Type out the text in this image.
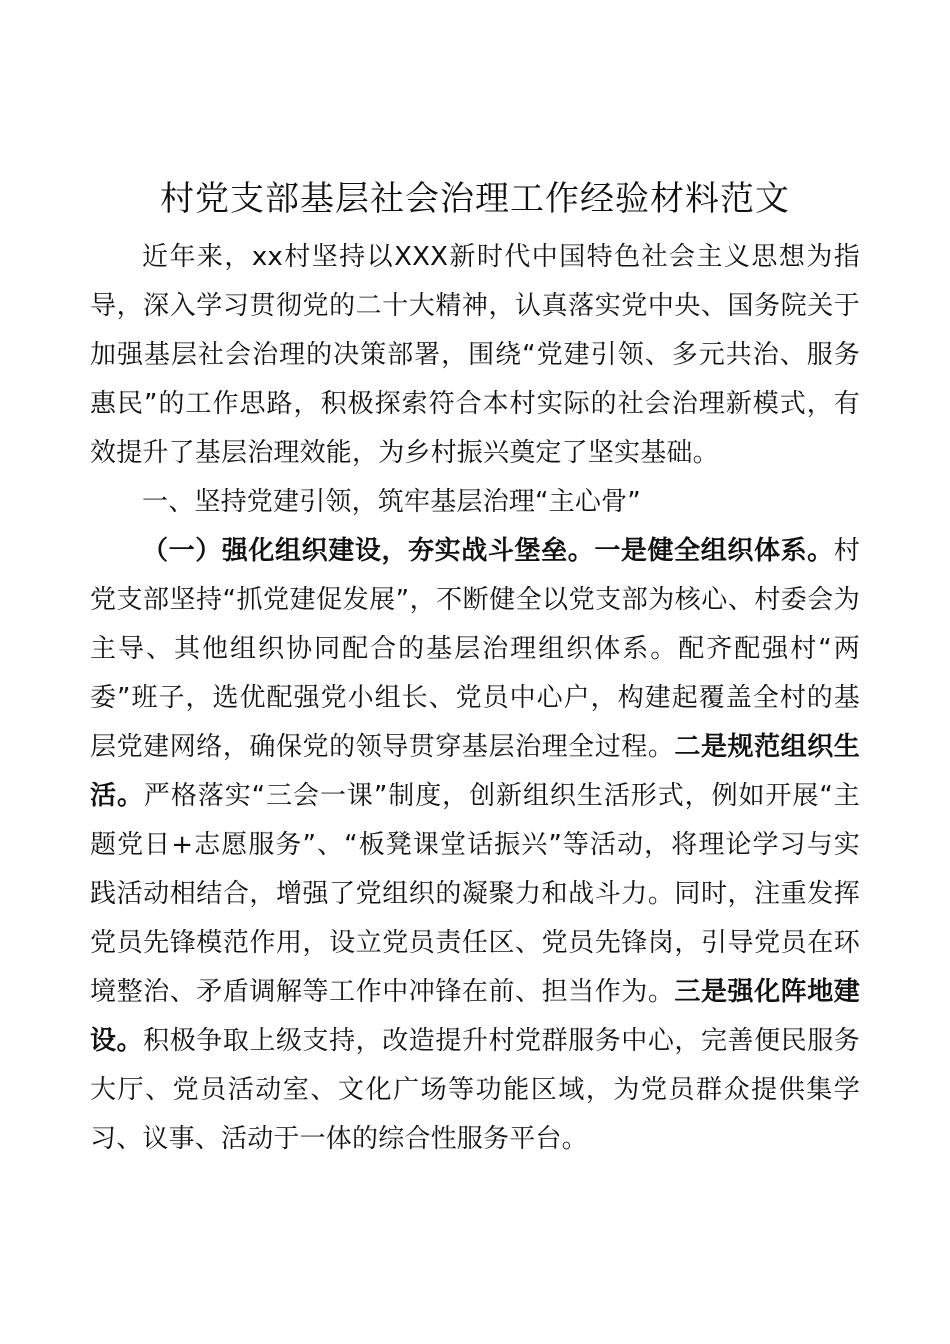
村党支部基层社会治理工作经验材料范文

近年来，xx村坚持以XXX新时代中国特色社会主义思想为指导，深入学习贯彻党的二十大精神，认真落实党中央、国务院关于加强基层社会治理的决策部署，围绕“党建引领、多元共治、服务惠民”的工作思路，积极探索符合本村实际的社会治理新模式，有效提升了基层治理效能，为乡村振兴奠定了坚实基础。

一、坚持党建引领，筑牢基层治理“主心骨”

（一）强化组织建设，夯实战斗堡垒。一是健全组织体系。村党支部坚持“抓党建促发展”，不断健全以党支部为核心、村委会为主导、其他组织协同配合的基层治理组织体系。配齐配强村“两委”班子，选优配强党小组长、党员中心户，构建起覆盖全村的基层党建网络，确保党的领导贯穿基层治理全过程。二是规范组织生活。严格落实“三会一课”制度，创新组织生活形式，例如开展“主题党日+志愿服务”、“板凳课堂话振兴”等活动，将理论学习与实践活动相结合，增强了党组织的凝聚力和战斗力。同时，注重发挥党员先锋模范作用，设立党员责任区、党员先锋岗，引导党员在环境整治、矛盾调解等工作中冲锋在前、担当作为。三是强化阵地建设。积极争取上级支持，改造提升村党群服务中心，完善便民服务大厅、党员活动室、文化广场等功能区域，为党员群众提供集学习、议事、活动于一体的综合性服务平台。
